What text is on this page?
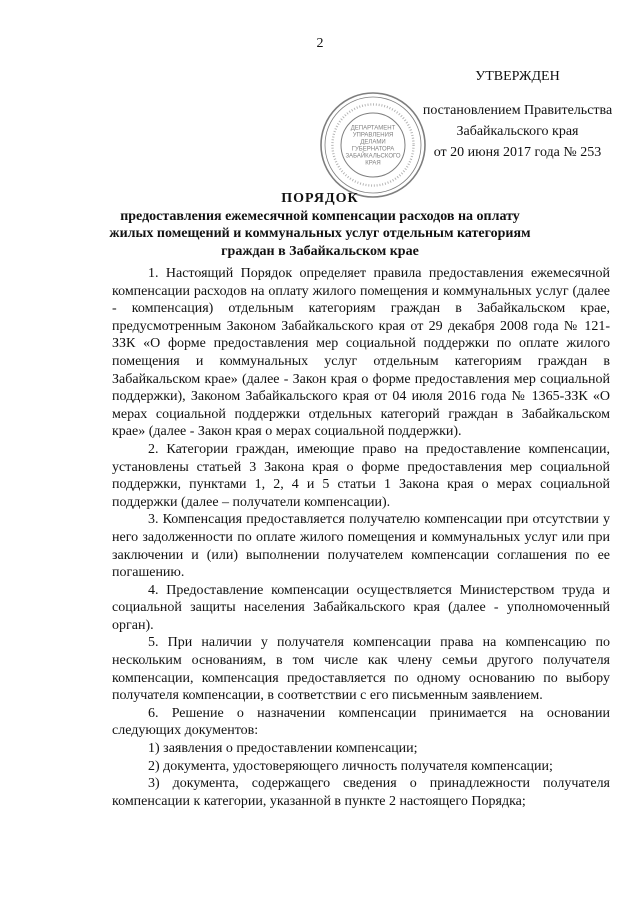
2
ДЕПАРТАМЕНТ
УПРАВЛЕНИЯ
ДЕЛАМИ
ГУБЕРНАТОРА
ЗАБАЙКАЛЬСКОГО
КРАЯ
УТВЕРЖДЕН
постановлением Правительства
Забайкальского края
от 20 июня 2017 года № 253
ПОРЯДОК
предоставления ежемесячной компенсации расходов на оплату
жилых помещений и коммунальных услуг отдельным категориям
граждан в Забайкальском крае

1. Настоящий Порядок определяет правила предоставления ежемесячной компенсации расходов на оплату жилого помещения и коммунальных услуг (далее - компенсация) отдельным категориям граждан в Забайкальском крае, предусмотренным Законом Забайкальского края от 29 декабря 2008 года № 121-ЗЗК «О форме предоставления мер социальной поддержки по оплате жилого помещения и коммунальных услуг отдельным категориям граждан в Забайкальском крае» (далее - Закон края о форме предоставления мер социальной поддержки), Законом Забайкальского края от 04 июля 2016 года № 1365-ЗЗК «О мерах социальной поддержки отдельных категорий граждан в Забайкальском крае» (далее - Закон края о мерах социальной поддержки).

2. Категории граждан, имеющие право на предоставление компенсации, установлены статьей 3 Закона края о форме предоставления мер социальной поддержки, пунктами 1, 2, 4 и 5 статьи 1 Закона края о мерах социальной поддержки (далее – получатели компенсации).

3. Компенсация предоставляется получателю компенсации при отсутствии у него задолженности по оплате жилого помещения и коммунальных услуг или при заключении и (или) выполнении получателем компенсации соглашения по ее погашению.

4. Предоставление компенсации осуществляется Министерством труда и социальной защиты населения Забайкальского края (далее - уполномоченный орган).

5. При наличии у получателя компенсации права на компенсацию по нескольким основаниям, в том числе как члену семьи другого получателя компенсации, компенсация предоставляется по одному основанию по выбору получателя компенсации, в соответствии с его письменным заявлением.

6. Решение о назначении компенсации принимается на основании следующих документов:

1) заявления о предоставлении компенсации;

2) документа, удостоверяющего личность получателя компенсации;

3) документа, содержащего сведения о принадлежности получателя компенсации к категории, указанной в пункте 2 настоящего Порядка;
